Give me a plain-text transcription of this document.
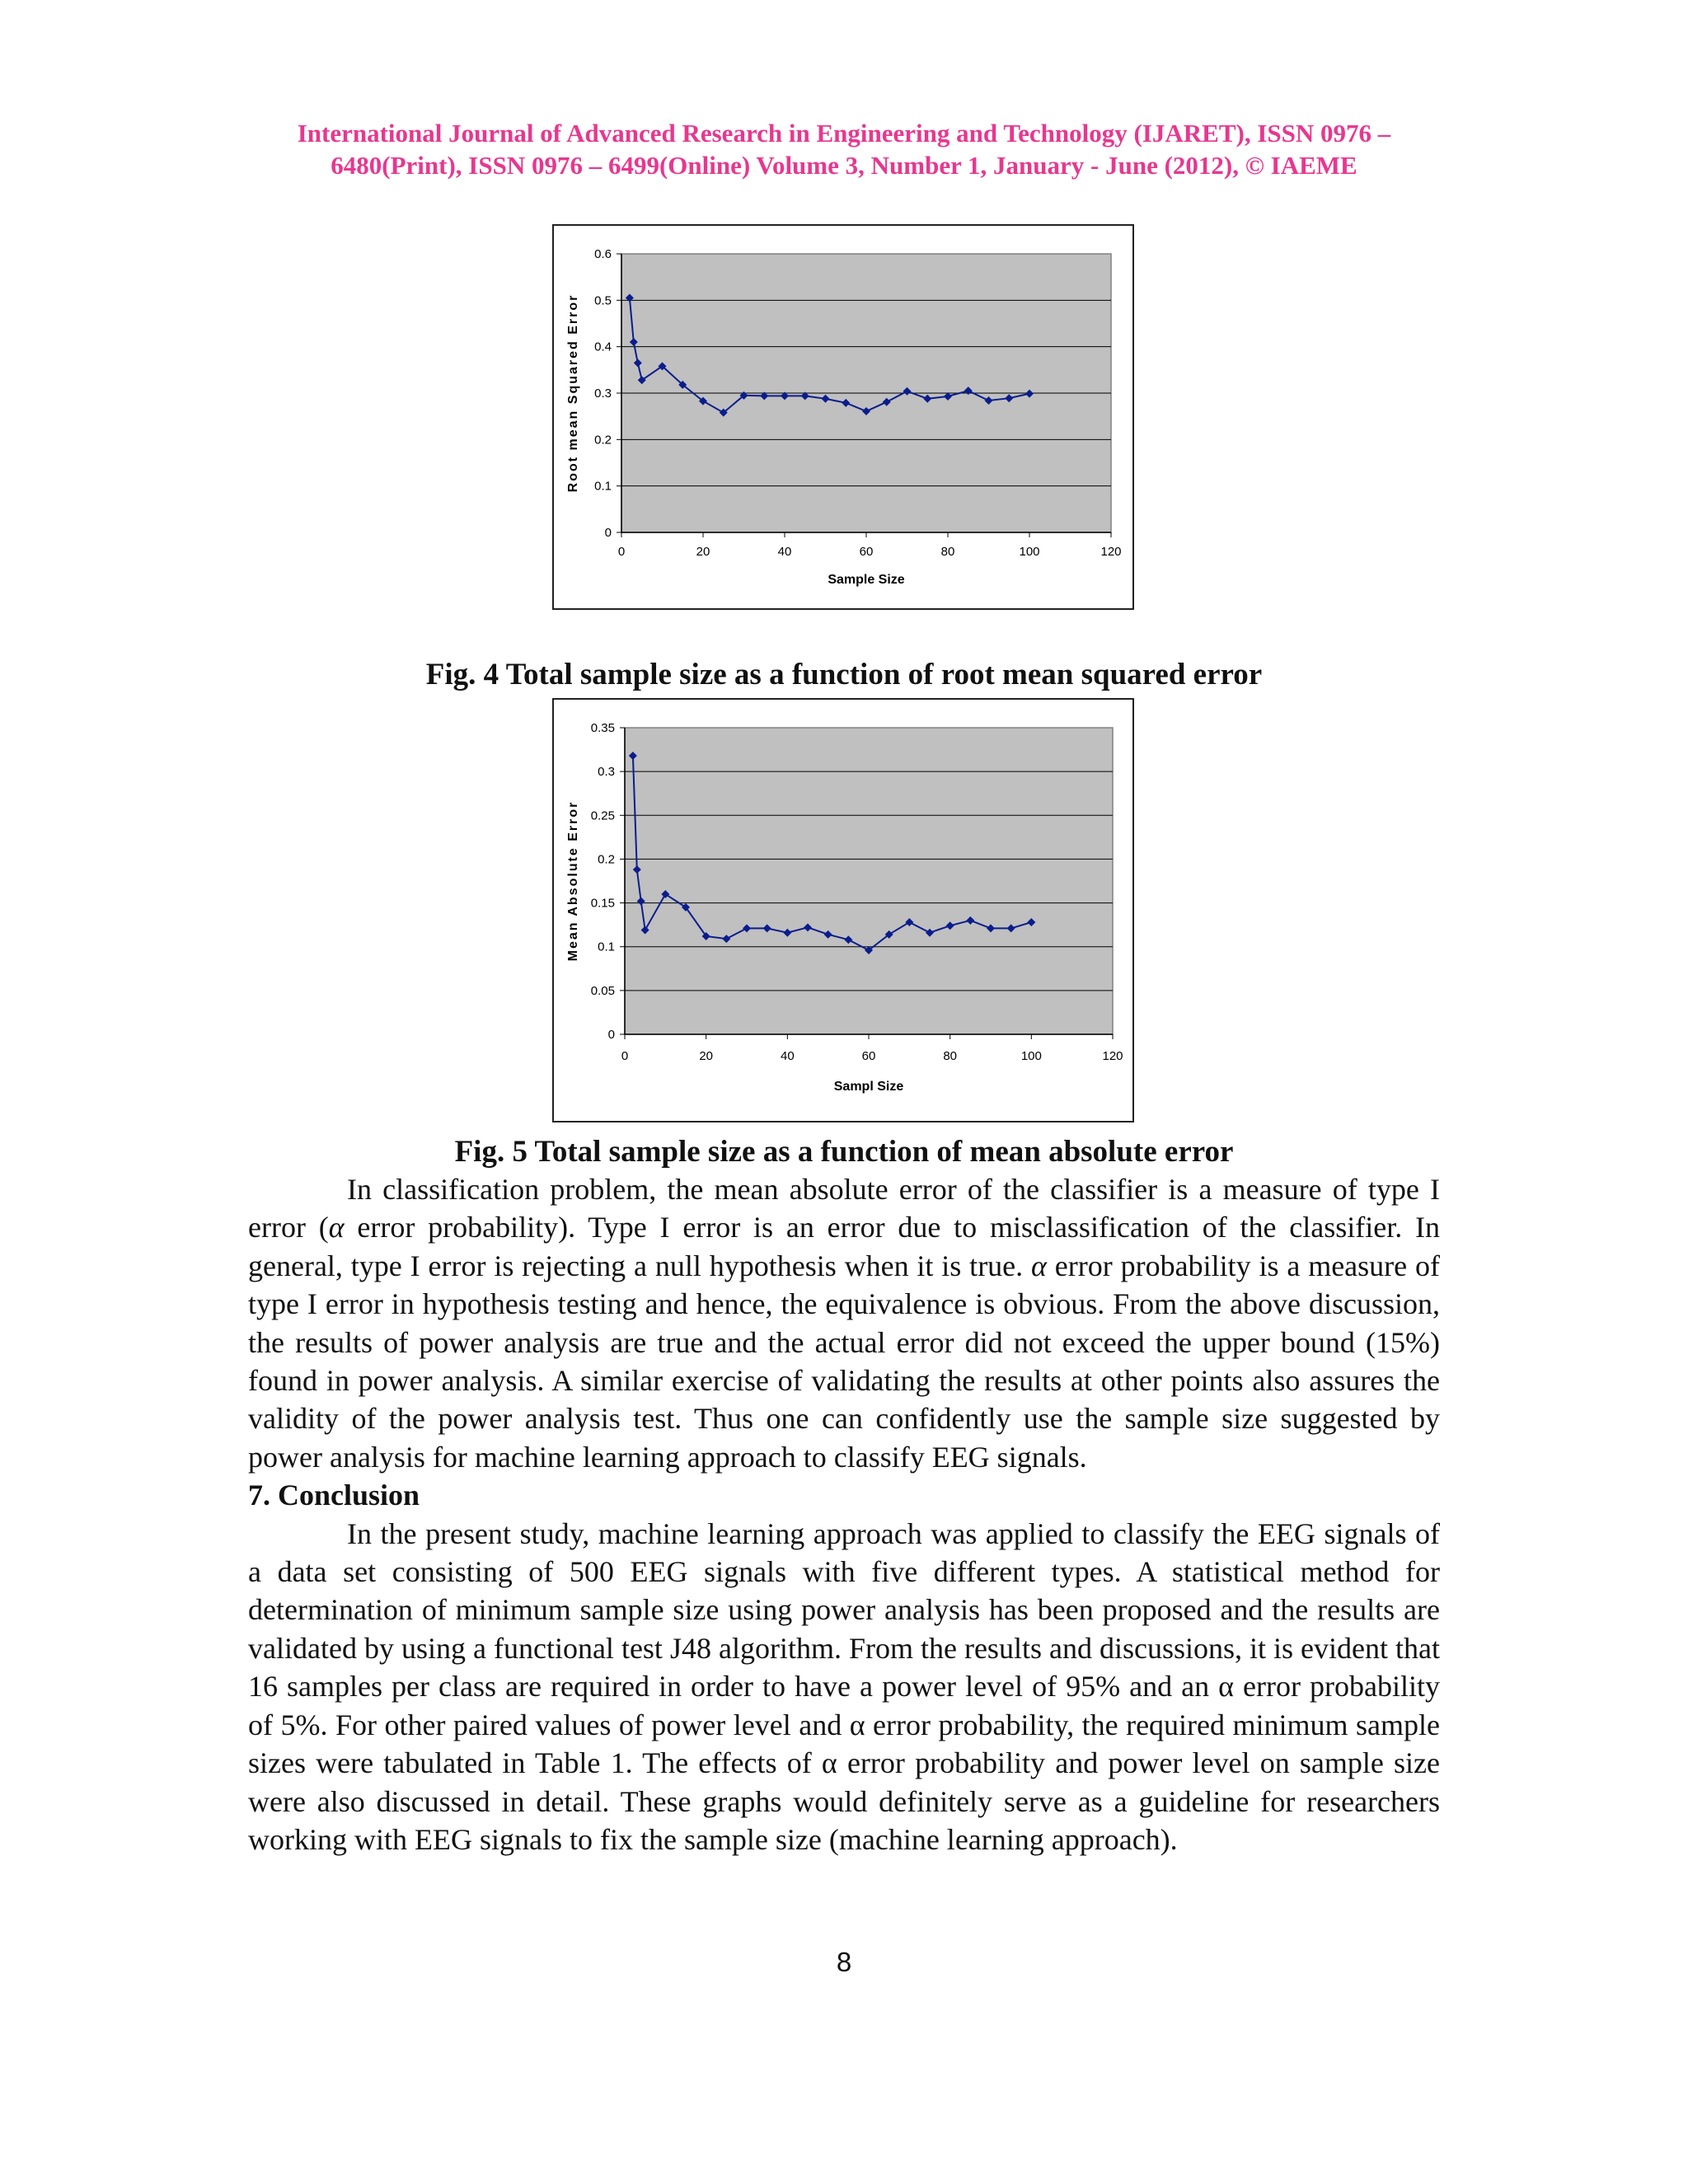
International Journal of Advanced Research in Engineering and Technology (IJARET), ISSN 0976 –
6480(Print), ISSN 0976 – 6499(Online) Volume 3, Number 1, January - June (2012), © IAEME
0
0.1
0.2
0.3
0.4
0.5
0.6
0	20	40	60	80	100	120
Sample Size
Root mean Squared Error
Fig. 4 Total sample size as a function of root mean squared error
0
0.05
0.1
0.15
0.2
0.25
0.3
0.35
0	20	40	60	80	100	120
Sampl Size
Mean Absolute Error
Fig. 5 Total sample size as a function of mean absolute error

In classification problem, the mean absolute error of the classifier is a measure of type I error (α error probability). Type I error is an error due to misclassification of the classifier. In general, type I error is rejecting a null hypothesis when it is true. α error probability is a measure of type I error in hypothesis testing and hence, the equivalence is obvious. From the above discussion, the results of power analysis are true and the actual error did not exceed the upper bound (15%) found in power analysis. A similar exercise of validating the results at other points also assures the validity of the power analysis test. Thus one can confidently use the sample size suggested by power analysis for machine learning approach to classify EEG signals.

7. Conclusion

In the present study, machine learning approach was applied to classify the EEG signals of a data set consisting of 500 EEG signals with five different types. A statistical method for determination of minimum sample size using power analysis has been proposed and the results are validated by using a functional test J48 algorithm. From the results and discussions, it is evident that 16 samples per class are required in order to have a power level of 95% and an α error probability of 5%. For other paired values of power level and α error probability, the required minimum sample sizes were tabulated in Table 1. The effects of α error probability and power level on sample size were also discussed in detail. These graphs would definitely serve as a guideline for researchers working with EEG signals to fix the sample size (machine learning approach).

8
